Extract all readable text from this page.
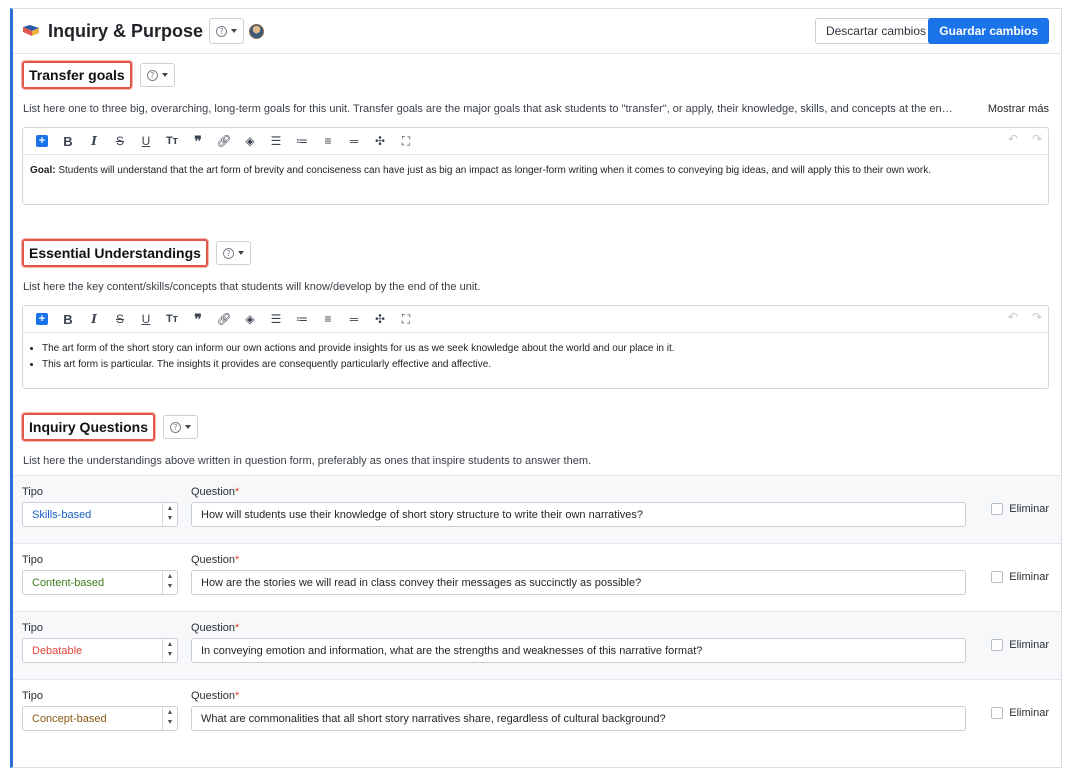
Inquiry & Purpose	?	Descartar cambios	Guardar cambios
Transfer goals	?
List here one to three big, overarching, long-term goals for this unit. Transfer goals are the major goals that ask students to "transfer", or apply, their knowledge, skills, and concepts at the en…	Mostrar más
+	B	I	S	U	Tт	❞	🔗︎	◈	☰	≔	≡	═	✣	⛶	↶ ↷
Goal: Students will understand that the art form of brevity and conciseness can have just as big an impact as longer-form writing when it comes to conveying big ideas, and will apply this to their own work.
Essential Understandings	?
List here the key content/skills/concepts that students will know/develop by the end of the unit.
+	B	I	S	U	Tт	❞	🔗︎	◈	☰	≔	≡	═	✣	⛶	↶ ↷
• The art form of the short story can inform our own actions and provide insights for us as we seek knowledge about the world and our place in it.
• This art form is particular. The insights it provides are consequently particularly effective and affective.
Inquiry Questions	?
List here the understandings above written in question form, preferably as ones that inspire students to answer them.
Tipo	Question*
Skills-based
▲
▼	How will students use their knowledge of short story structure to write their own narratives?	Eliminar
Tipo	Question*
Content-based
▲
▼	How are the stories we will read in class convey their messages as succinctly as possible?	Eliminar
Tipo	Question*
Debatable
▲
▼	In conveying emotion and information, what are the strengths and weaknesses of this narrative format?	Eliminar
Tipo	Question*
Concept-based
▲
▼	What are commonalities that all short story narratives share, regardless of cultural background?	Eliminar
